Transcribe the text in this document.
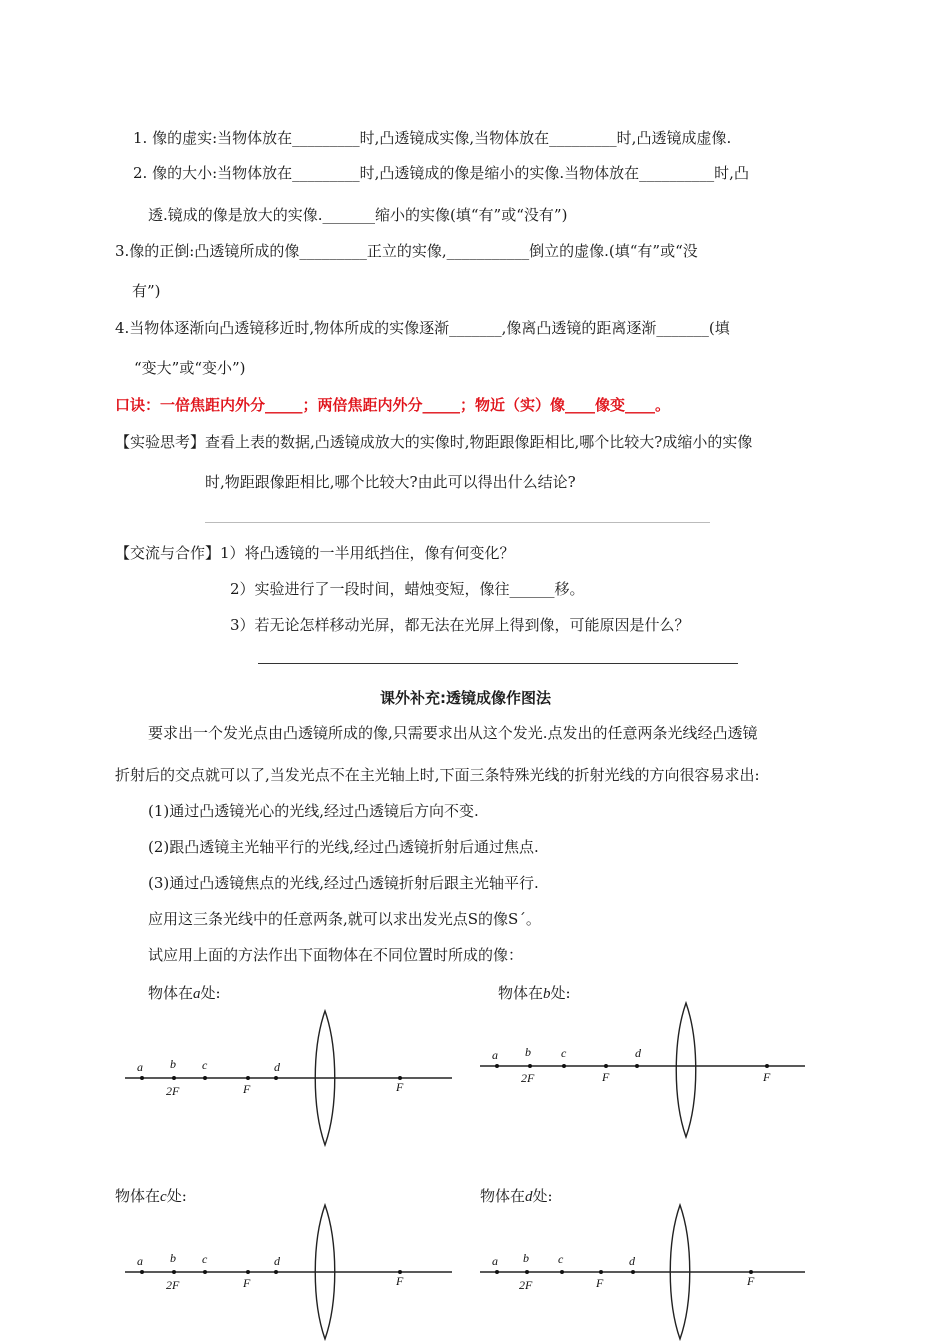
1. 像的虚实:当物体放在_________时,凸透镜成实像,当物体放在_________时,凸透镜成虚像.
2. 像的大小:当物体放在_________时,凸透镜成的像是缩小的实像.当物体放在__________时,凸
透.镜成的像是放大的实像._______缩小的实像(填“有”或“没有”)
3.像的正倒:凸透镜所成的像_________正立的实像,___________倒立的虚像.(填“有”或“没
有”)
4.当物体逐渐向凸透镜移近时,物体所成的实像逐渐_______,像离凸透镜的距离逐渐_______(填
“变大”或“变小”)
口诀：一倍焦距内外分_____；两倍焦距内外分_____；物近（实）像____像变____。
【实验思考】查看上表的数据,凸透镜成放大的实像时,物距跟像距相比,哪个比较大?成缩小的实像
时,物距跟像距相比,哪个比较大?由此可以得出什么结论?
【交流与合作】1）将凸透镜的一半用纸挡住，像有何变化？
2）实验进行了一段时间，蜡烛变短，像往______移。
3）若无论怎样移动光屏，都无法在光屏上得到像，可能原因是什么？
课外补充:透镜成像作图法
要求出一个发光点由凸透镜所成的像,只需要求出从这个发光.点发出的任意两条光线经凸透镜
折射后的交点就可以了,当发光点不在主光轴上时,下面三条特殊光线的折射光线的方向很容易求出:
(1)通过凸透镜光心的光线,经过凸透镜后方向不变.
(2)跟凸透镜主光轴平行的光线,经过凸透镜折射后通过焦点.
(3)通过凸透镜焦点的光线,经过凸透镜折射后跟主光轴平行.
应用这三条光线中的任意两条,就可以求出发光点S的像S´。
试应用上面的方法作出下面物体在不同位置时所成的像：
物体在a处:	物体在b处:
物体在c处:	物体在d处:
a b c	d
2F	F	F
a b	c	d
2F	F	F
a b c	d
2F	F	F
a b c	d
2F	F	F
